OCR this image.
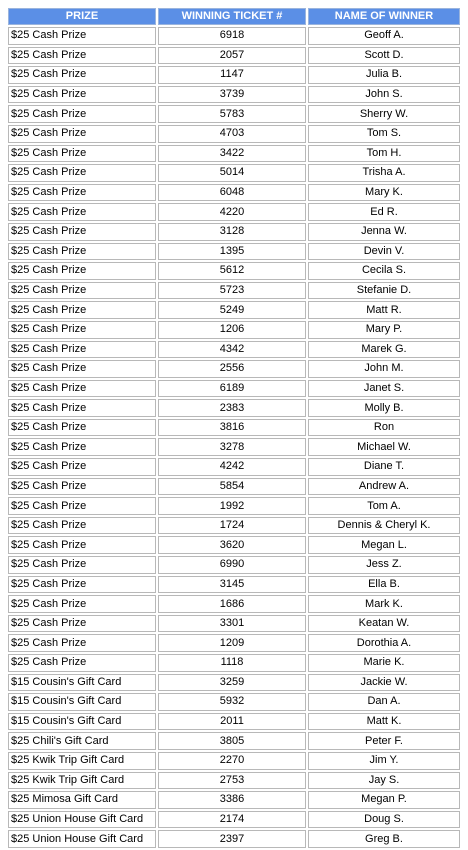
PRIZE	WINNING TICKET #	NAME OF WINNER
$25 Cash Prize	6918	Geoff A.
$25 Cash Prize	2057	Scott D.
$25 Cash Prize	1147	Julia B.
$25 Cash Prize	3739	John S.
$25 Cash Prize	5783	Sherry W.
$25 Cash Prize	4703	Tom S.
$25 Cash Prize	3422	Tom H.
$25 Cash Prize	5014	Trisha A.
$25 Cash Prize	6048	Mary K.
$25 Cash Prize	4220	Ed R.
$25 Cash Prize	3128	Jenna W.
$25 Cash Prize	1395	Devin V.
$25 Cash Prize	5612	Cecila S.
$25 Cash Prize	5723	Stefanie D.
$25 Cash Prize	5249	Matt R.
$25 Cash Prize	1206	Mary P.
$25 Cash Prize	4342	Marek G.
$25 Cash Prize	2556	John M.
$25 Cash Prize	6189	Janet S.
$25 Cash Prize	2383	Molly B.
$25 Cash Prize	3816	Ron
$25 Cash Prize	3278	Michael W.
$25 Cash Prize	4242	Diane T.
$25 Cash Prize	5854	Andrew A.
$25 Cash Prize	1992	Tom A.
$25 Cash Prize	1724	Dennis & Cheryl K.
$25 Cash Prize	3620	Megan L.
$25 Cash Prize	6990	Jess Z.
$25 Cash Prize	3145	Ella B.
$25 Cash Prize	1686	Mark K.
$25 Cash Prize	3301	Keatan W.
$25 Cash Prize	1209	Dorothia A.
$25 Cash Prize	1118	Marie K.
$15 Cousin's Gift Card	3259	Jackie W.
$15 Cousin's Gift Card	5932	Dan A.
$15 Cousin's Gift Card	2011	Matt K.
$25 Chili's Gift Card	3805	Peter F.
$25 Kwik Trip Gift Card	2270	Jim Y.
$25 Kwik Trip Gift Card	2753	Jay S.
$25 Mimosa Gift Card	3386	Megan P.
$25 Union House Gift Card	2174	Doug S.
$25 Union House Gift Card	2397	Greg B.
